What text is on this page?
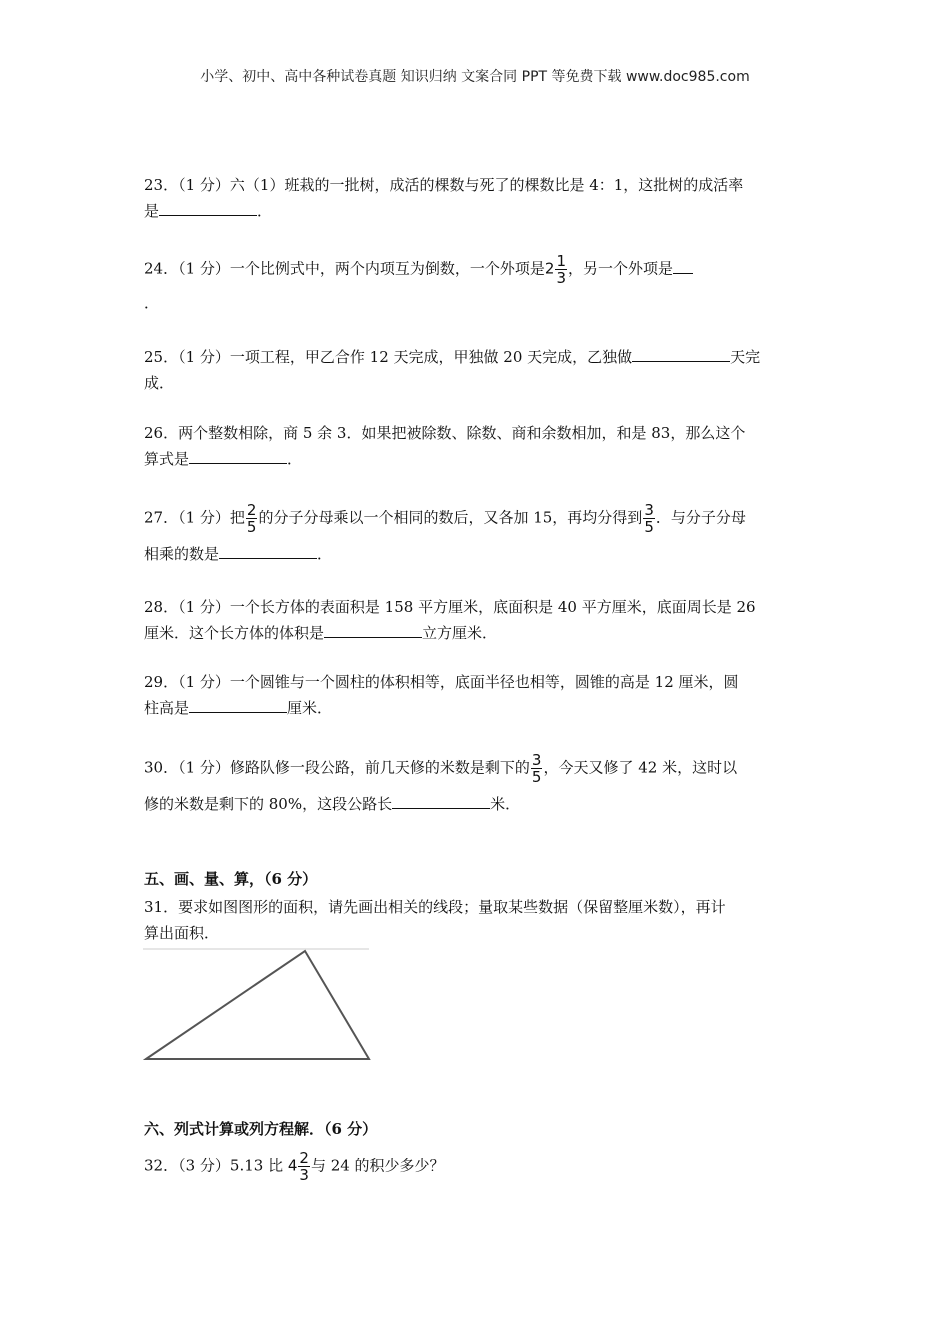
小学、初中、高中各种试卷真题 知识归纳 文案合同 PPT 等免费下载 www.doc985.com
23．（1 分）六（1）班栽的一批树，成活的棵数与死了的棵数比是 4：1，这批树的成活率
是	．
24．（1 分）一个比例式中，两个内项互为倒数，一个外项是$2 \frac{1}{3}$ ，另一个外项是
．
25．（1 分）一项工程，甲乙合作 12 天完成，甲独做 20 天完成，乙独做	天完
成．
26．两个整数相除，商 5 余 3．如果把被除数、除数、商和余数相加，和是 83，那么这个
算式是	．
27．（1 分）把 $\frac{2}{5}$ 的分子分母乘以一个相同的数后，又各加 15，再均分得到 $\frac{3}{5}$ ．与分子分母
相乘的数是	．
28．（1 分）一个长方体的表面积是 158 平方厘米，底面积是 40 平方厘米，底面周长是 26
厘米．这个长方体的体积是	立方厘米．
29．（1 分）一个圆锥与一个圆柱的体积相等，底面半径也相等，圆锥的高是 12 厘米，圆
柱高是	厘米．
30．（1 分）修路队修一段公路，前几天修的米数是剩下的 $\frac{3}{5}$ ，今天又修了 42 米，这时以
修的米数是剩下的 80%，这段公路长	米．
五、画、量、算，（6 分）
31．要求如图图形的面积，请先画出相关的线段；量取某些数据（保留整厘米数），再计
算出面积．
六、列式计算或列方程解．（6 分）
32．（3 分）5.13 比 $4 \frac{2}{3}$ 与 24 的积少多少？
